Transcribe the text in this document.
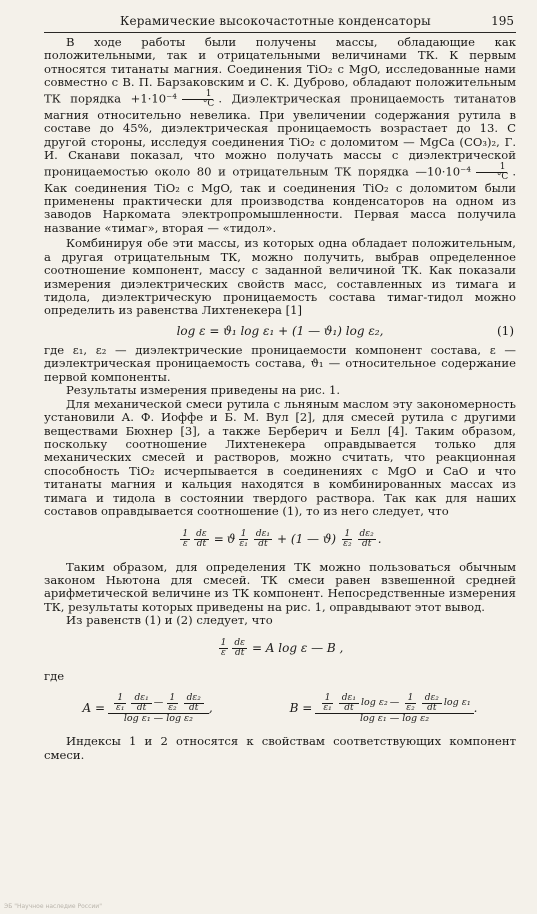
Керамические высокочастотные конденсаторы	195

В ходе работы были получены массы, обладающие как положительными, так и отрицательными величинами ТК. К первым относятся титанаты магния. Соединения TiO₂ с MgO, исследованные нами совместно с В. П. Барзаковским и С. К. Дуброво, обладают положительным ТК порядка $+1\cdot 10^{-4} \frac{1}{^\circ C}$ . Диэлектрическая проницаемость титанатов магния относительно невелика. При увеличении содержания рутила в составе до 45%, диэлектрическая проницаемость возрастает до 13. С другой стороны, исследуя соединения TiO₂ с доломитом — MgCa (CO₃)₂, Г. И. Сканави показал, что можно получать массы с диэлектрической проницаемостью около 80 и отрицательным ТК порядка —10·10⁻⁴ $\frac{1}{^\circ C}$ . Как соединения TiO₂ с MgO, так и соединения TiO₂ с доломитом были применены практически для производства конденсаторов на одном из заводов Наркомата электропромышленности. Первая масса получила название «тимаг», вторая — «тидол».

Комбинируя обе эти массы, из которых одна обладает положительным, а другая отрицательным ТК, можно получить, выбрав определенное соотношение компонент, массу с заданной величиной ТК. Как показали измерения диэлектрических свойств масс, составленных из тимага и тидола, диэлектрическую проницаемость состава тимаг-тидол можно определить из равенства Лихтенекера [1]

log ε = ϑ₁ log ε₁ + (1 — ϑ₁) log ε₂,	(1)

где ε₁, ε₂ — диэлектрические проницаемости компонент состава, ε — диэлектрическая проницаемость состава, ϑ₁ — относительное содержание первой компоненты.

Результаты измерения приведены на рис. 1.

Для механической смеси рутила с льняным маслом эту закономерность установили А. Ф. Иоффе и Б. М. Вул [2], для смесей рутила с другими веществами Бюхнер [3], а также Берберич и Белл [4]. Таким образом, поскольку соотношение Лихтенекера оправдывается только для механических смесей и растворов, можно считать, что реакционная способность TiO₂ исчерпывается в соединениях с MgO и CaO и что титанаты магния и кальция находятся в комбинированных массах из тимага и тидола в состоянии твердого раствора. Так как для наших составов оправдывается соотношение (1), то из него следует, что

$\frac{1}{\varepsilon} \frac{d\varepsilon}{dt} = ϑ \frac{1}{\text{ε₁}} \frac{\text{dε₁}}{dt} + (1$ — $ϑ) \frac{1}{\text{ε₂}} \frac{\text{dε₂}}{dt}$ .

Таким образом, для определения ТК можно пользоваться обычным законом Ньютона для смесей. ТК смеси равен взвешенной средней арифметической величине из ТК компонент. Непосредственные измерения ТК, результаты которых приведены на рис. 1, оправдывают этот вывод.

Из равенств (1) и (2) следует, что

$\frac{1}{\varepsilon} \frac{d\varepsilon}{dt} = A$ log ε — B ,

где

$A = \frac{1}{\text{ε₁}} \frac{\text{dε₁}}{dt}$ — $\frac{1}{\text{ε₂}} \frac{\text{dε₂}}{dt}$
log ε₁ — log ε₂
,	$B = \frac{1}{\text{ε₁}} \frac{\text{dε₁}}{dt}$ log ε₂ — $\frac{1}{\text{ε₂}} \frac{\text{dε₂}}{dt}$ log ε₁
log ε₁ — log ε₂
.

Индексы 1 и 2 относятся к свойствам соответствующих компонент смеси.

ЭБ "Научное наследие России"
